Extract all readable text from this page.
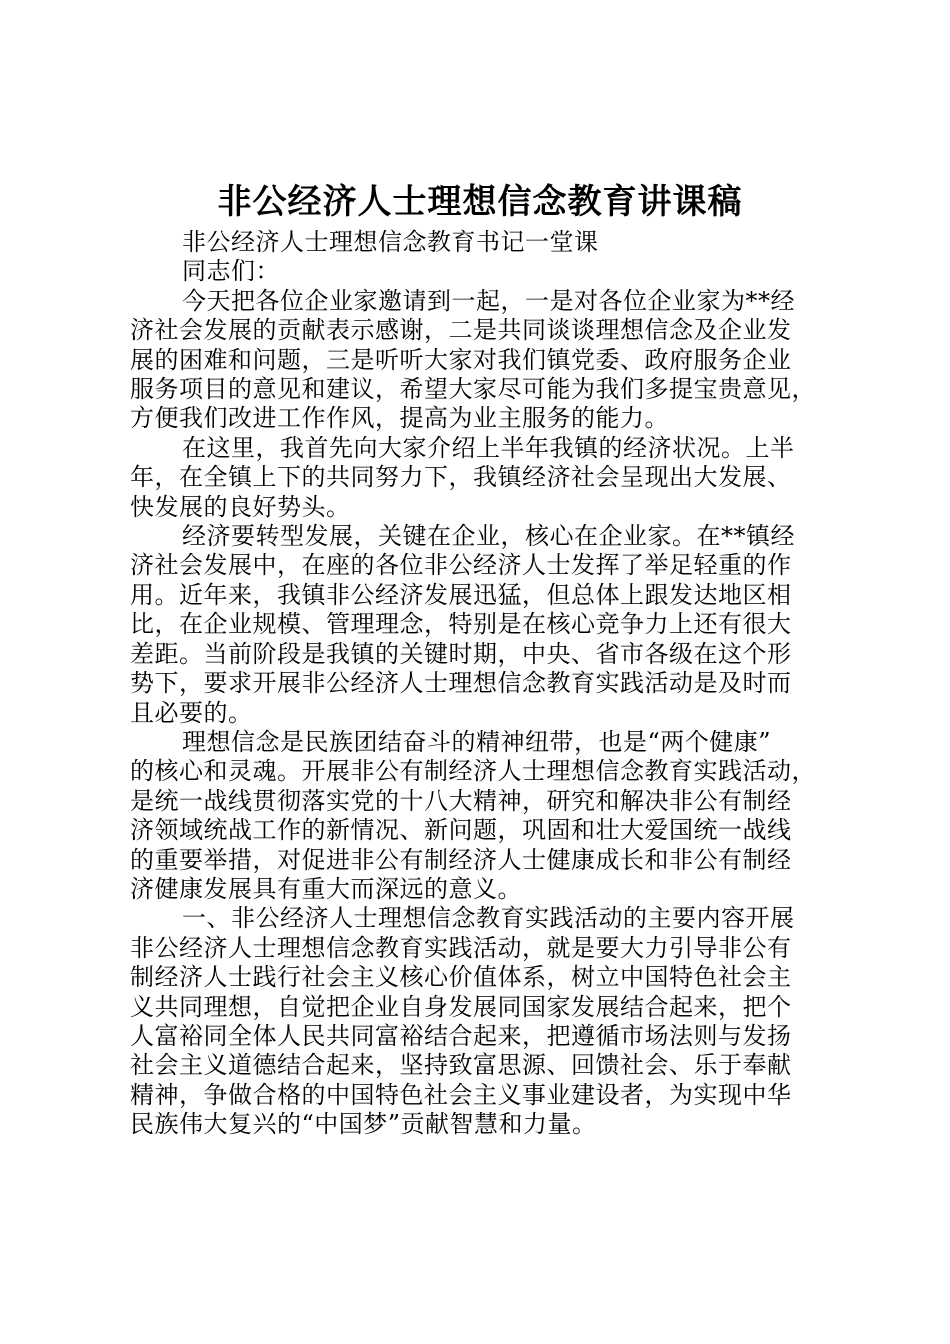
非公经济人士理想信念教育讲课稿
非公经济人士理想信念教育书记一堂课
同志们：
今天把各位企业家邀请到一起，一是对各位企业家为**经
济社会发展的贡献表示感谢，二是共同谈谈理想信念及企业发
展的困难和问题，三是听听大家对我们镇党委、政府服务企业
服务项目的意见和建议，希望大家尽可能为我们多提宝贵意见，
方便我们改进工作作风，提高为业主服务的能力。
在这里，我首先向大家介绍上半年我镇的经济状况。上半
年，在全镇上下的共同努力下，我镇经济社会呈现出大发展、
快发展的良好势头。
经济要转型发展，关键在企业，核心在企业家。在**镇经
济社会发展中，在座的各位非公经济人士发挥了举足轻重的作
用。近年来，我镇非公经济发展迅猛，但总体上跟发达地区相
比，在企业规模、管理理念，特别是在核心竞争力上还有很大
差距。当前阶段是我镇的关键时期，中央、省市各级在这个形
势下，要求开展非公经济人士理想信念教育实践活动是及时而
且必要的。
理想信念是民族团结奋斗的精神纽带，也是“两个健康”
的核心和灵魂。开展非公有制经济人士理想信念教育实践活动，
是统一战线贯彻落实党的十八大精神，研究和解决非公有制经
济领域统战工作的新情况、新问题，巩固和壮大爱国统一战线
的重要举措，对促进非公有制经济人士健康成长和非公有制经
济健康发展具有重大而深远的意义。
一、非公经济人士理想信念教育实践活动的主要内容开展
非公经济人士理想信念教育实践活动，就是要大力引导非公有
制经济人士践行社会主义核心价值体系，树立中国特色社会主
义共同理想，自觉把企业自身发展同国家发展结合起来，把个
人富裕同全体人民共同富裕结合起来，把遵循市场法则与发扬
社会主义道德结合起来，坚持致富思源、回馈社会、乐于奉献
精神，争做合格的中国特色社会主义事业建设者，为实现中华
民族伟大复兴的“中国梦”贡献智慧和力量。
